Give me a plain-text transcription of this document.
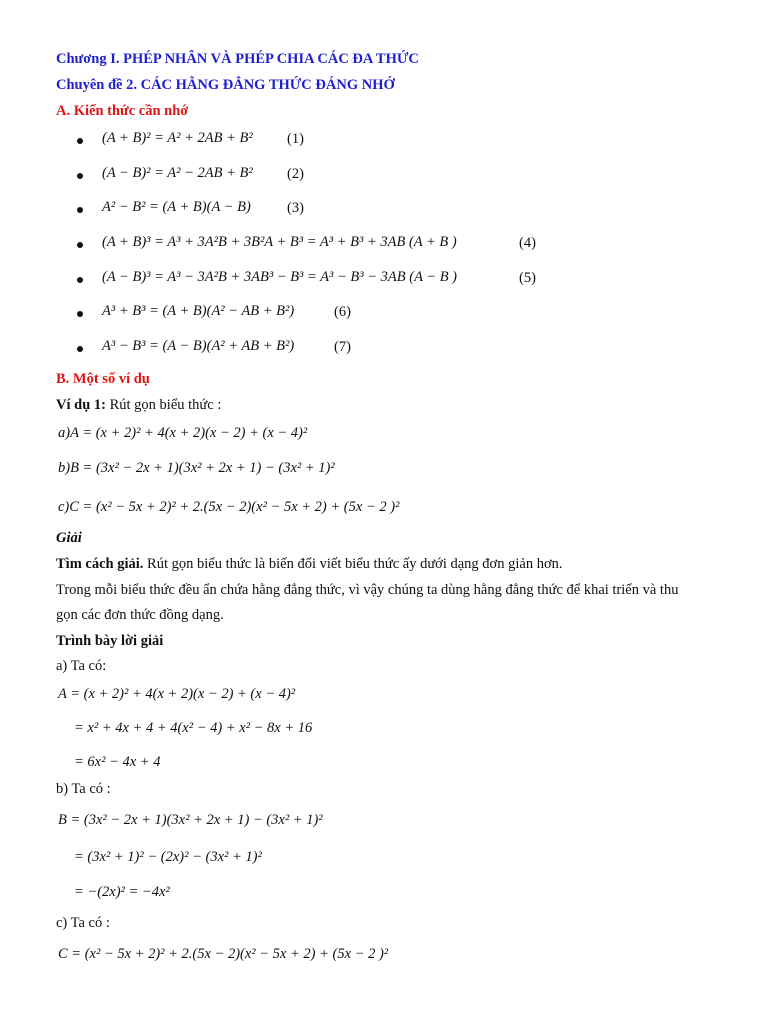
Chương I. PHÉP NHÂN VÀ PHÉP CHIA CÁC ĐA THỨC
Chuyên đề 2. CÁC HẰNG ĐẲNG THỨC ĐÁNG NHỚ
A. Kiến thức cần nhớ
(A + B)² = A² + 2AB + B² (1)
(A − B)² = A² − 2AB + B² (2)
A² − B² = (A + B)(A − B) (3)
(A + B)³ = A³ + 3A²B + 3B²A + B³ = A³ + B³ + 3AB (A + B )	(4)
(A − B)³ = A³ − 3A²B + 3AB³ − B³ = A³ − B³ − 3AB (A − B )	(5)
A³ + B³ = (A + B)(A² − AB + B²)	(6)
A³ − B³ = (A − B)(A² + AB + B²)	(7)
B. Một số ví dụ
Ví dụ 1: Rút gọn biểu thức :
a)A = (x + 2)² + 4(x + 2)(x − 2) + (x − 4)²
b)B = (3x² − 2x + 1)(3x² + 2x + 1) − (3x² + 1)²
c)C = (x² − 5x + 2)² + 2.(5x − 2)(x² − 5x + 2) + (5x − 2 )²
Giải
Tìm cách giải. Rút gọn biểu thức là biến đổi viết biểu thức ấy dưới dạng đơn giản hơn.
Trong mỗi biểu thức đều ẩn chứa hằng đẳng thức, vì vậy chúng ta dùng hằng đẳng thức để khai triển và thu
gọn các đơn thức đồng dạng.
Trình bày lời giải
a) Ta có:
A = (x + 2)² + 4(x + 2)(x − 2) + (x − 4)²
= x² + 4x + 4 + 4(x² − 4) + x² − 8x + 16
= 6x² − 4x + 4
b) Ta có :
B = (3x² − 2x + 1)(3x² + 2x + 1) − (3x² + 1)²
= (3x² + 1)² − (2x)² − (3x² + 1)²
= −(2x)² = −4x²
c) Ta có :
C = (x² − 5x + 2)² + 2.(5x − 2)(x² − 5x + 2) + (5x − 2 )²
